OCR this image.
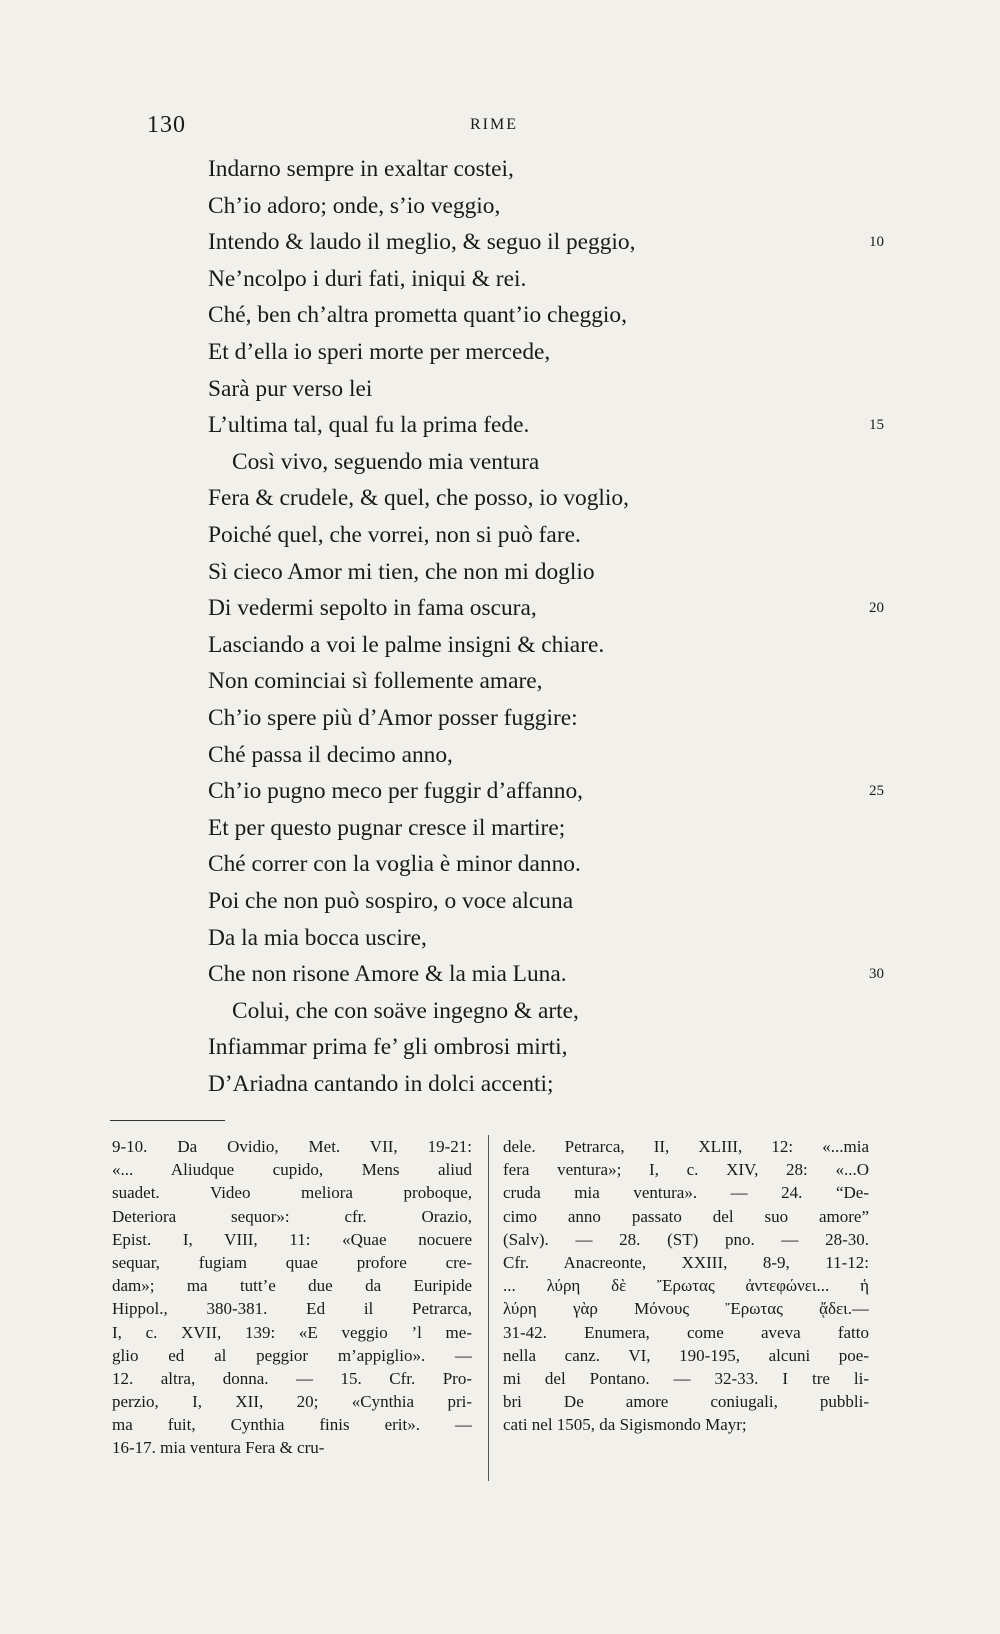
130	RIME
Indarno sempre in exaltar costei,
Ch’io adoro; onde, s’io veggio,
Intendo & laudo il meglio, & seguo il peggio,	10
Ne’ncolpo i duri fati, iniqui & rei.
Ché, ben ch’altra prometta quant’io cheggio,
Et d’ella io speri morte per mercede,
Sarà pur verso lei
L’ultima tal, qual fu la prima fede.	15
Così vivo, seguendo mia ventura
Fera & crudele, & quel, che posso, io voglio,
Poiché quel, che vorrei, non si può fare.
Sì cieco Amor mi tien, che non mi doglio
Di vedermi sepolto in fama oscura,	20
Lasciando a voi le palme insigni & chiare.
Non cominciai sì follemente amare,
Ch’io spere più d’Amor posser fuggire:
Ché passa il decimo anno,
Ch’io pugno meco per fuggir d’affanno,	25
Et per questo pugnar cresce il martire;
Ché correr con la voglia è minor danno.
Poi che non può sospiro, o voce alcuna
Da la mia bocca uscire,
Che non risone Amore & la mia Luna.	30
Colui, che con soäve ingegno & arte,
Infiammar prima fe’ gli ombrosi mirti,
D’Ariadna cantando in dolci accenti;
9-10. Da Ovidio, Met. VII, 19-21:
«... Aliudque cupido, Mens aliud
suadet. Video meliora proboque,
Deteriora sequor»: cfr. Orazio,
Epist. I, VIII, 11: «Quae nocuere
sequar, fugiam quae profore cre-
dam»; ma tutt’e due da Euripide
Hippol., 380-381. Ed il Petrarca,
I, c. XVII, 139: «E veggio ’l me-
glio ed al peggior m’appiglio». —
12. altra, donna. — 15. Cfr. Pro-
perzio, I, XII, 20; «Cynthia pri-
ma fuit, Cynthia finis erit». —
16-17. mia ventura Fera & cru-
dele. Petrarca, II, XLIII, 12: «...mia
fera ventura»; I, c. XIV, 28: «...O
cruda mia ventura». — 24. “De-
cimo anno passato del suo amore”
(Salv). — 28. (ST) pno. — 28-30.
Cfr. Anacreonte, XXIII, 8-9, 11-12:
... λύρη δὲ Ἔρωτας ἀντεφώνει... ἡ
λύρη γὰρ Μόνους Ἔρωτας ᾄδει.—
31-42. Enumera, come aveva fatto
nella canz. VI, 190-195, alcuni poe-
mi del Pontano. — 32-33. I tre li-
bri De amore coniugali, pubbli-
cati nel 1505, da Sigismondo Mayr;
